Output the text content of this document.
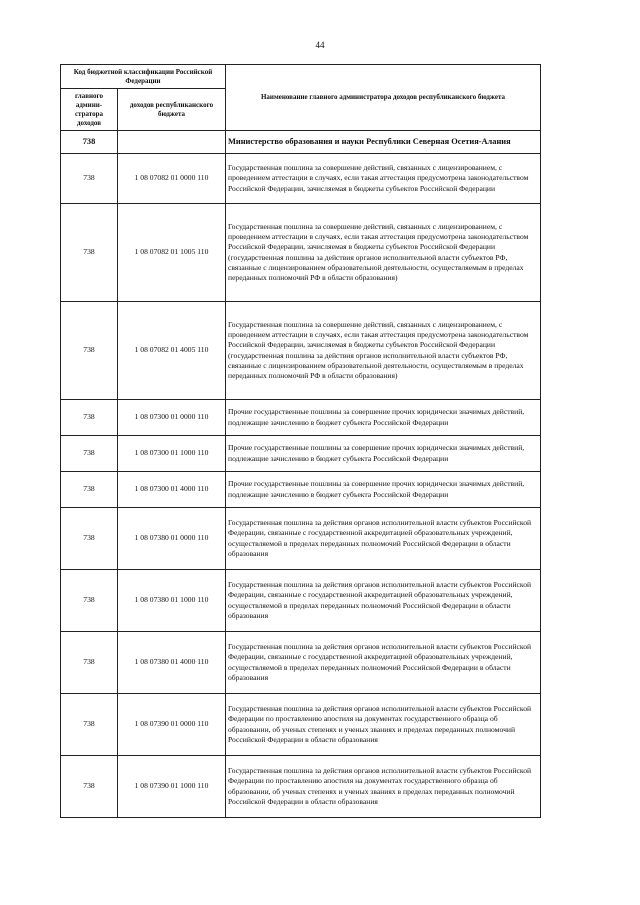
44
Код бюджетной классификации Российской Федерации		Наименование главного администратора доходов республиканского бюджета
главного админи-стратора доходов	доходов республиканского бюджета	
738		Министерство образования и науки Республики Северная Осетия-Алания
738	1 08 07082 01 0000 110	Государственная пошлина за совершение действий, связанных с лицензированием, с проведением аттестации в случаях, если такая аттестация предусмотрена законодательством Российской Федерации, зачисляемая в бюджеты субъектов Российской Федерации
738	1 08 07082 01 1005 110	Государственная пошлина за совершение действий, связанных с лицензированием, с проведением аттестации в случаях, если такая аттестация предусмотрена законодательством Российской Федерации, зачисляемая в бюджеты субъектов Российской Федерации (государственная пошлина за действия органов исполнительной власти субъектов РФ, связанные с лицензированием образовательной деятельности, осуществляемым в пределах переданных полномочий РФ в области образования)
738	1 08 07082 01 4005 110	Государственная пошлина за совершение действий, связанных с лицензированием, с проведением аттестации в случаях, если такая аттестация предусмотрена законодательством Российской Федерации, зачисляемая в бюджеты субъектов Российской Федерации (государственная пошлина за действия органов исполнительной власти субъектов РФ, связанные с лицензированием образовательной деятельности, осуществляемым в пределах переданных полномочий РФ в области образования)
738	1 08 07300 01 0000 110	Прочие государственные пошлины за совершение прочих юридически значимых действий, подлежащие зачислению в бюджет субъекта Российской Федерации
738	1 08 07300 01 1000 110	Прочие государственные пошлины за совершение прочих юридически значимых действий, подлежащие зачислению в бюджет субъекта Российской Федерации
738	1 08 07300 01 4000 110	Прочие государственные пошлины за совершение прочих юридически значимых действий, подлежащие зачислению в бюджет субъекта Российской Федерации
738	1 08 07380 01 0000 110	Государственная пошлина за действия органов исполнительной власти субъектов Российской Федерации, связанные с государственной аккредитацией образовательных учреждений, осуществляемой в пределах переданных полномочий Российской Федерации в области образования
738	1 08 07380 01 1000 110	Государственная пошлина за действия органов исполнительной власти субъектов Российской Федерации, связанные с государственной аккредитацией образовательных учреждений, осуществляемой в пределах переданных полномочий Российской Федерации в области образования
738	1 08 07380 01 4000 110	Государственная пошлина за действия органов исполнительной власти субъектов Российской Федерации, связанные с государственной аккредитацией образовательных учреждений, осуществляемой в пределах переданных полномочий Российской Федерации в области образования
738	1 08 07390 01 0000 110	Государственная пошлина за действия органов исполнительной власти субъектов Российской Федерации по проставлению апостиля на документах государственного образца об образовании, об ученых степенях и ученых званиях и пределах переданных полномочий Российской Федерации в области образования
738	1 08 07390 01 1000 110	Государственная пошлина за действия органов исполнительной власти субъектов Российской Федерации по проставлению апостиля на документах государственного образца об образовании, об ученых степенях и ученых званиях в пределах переданных полномочий Российской Федерации в области образования
